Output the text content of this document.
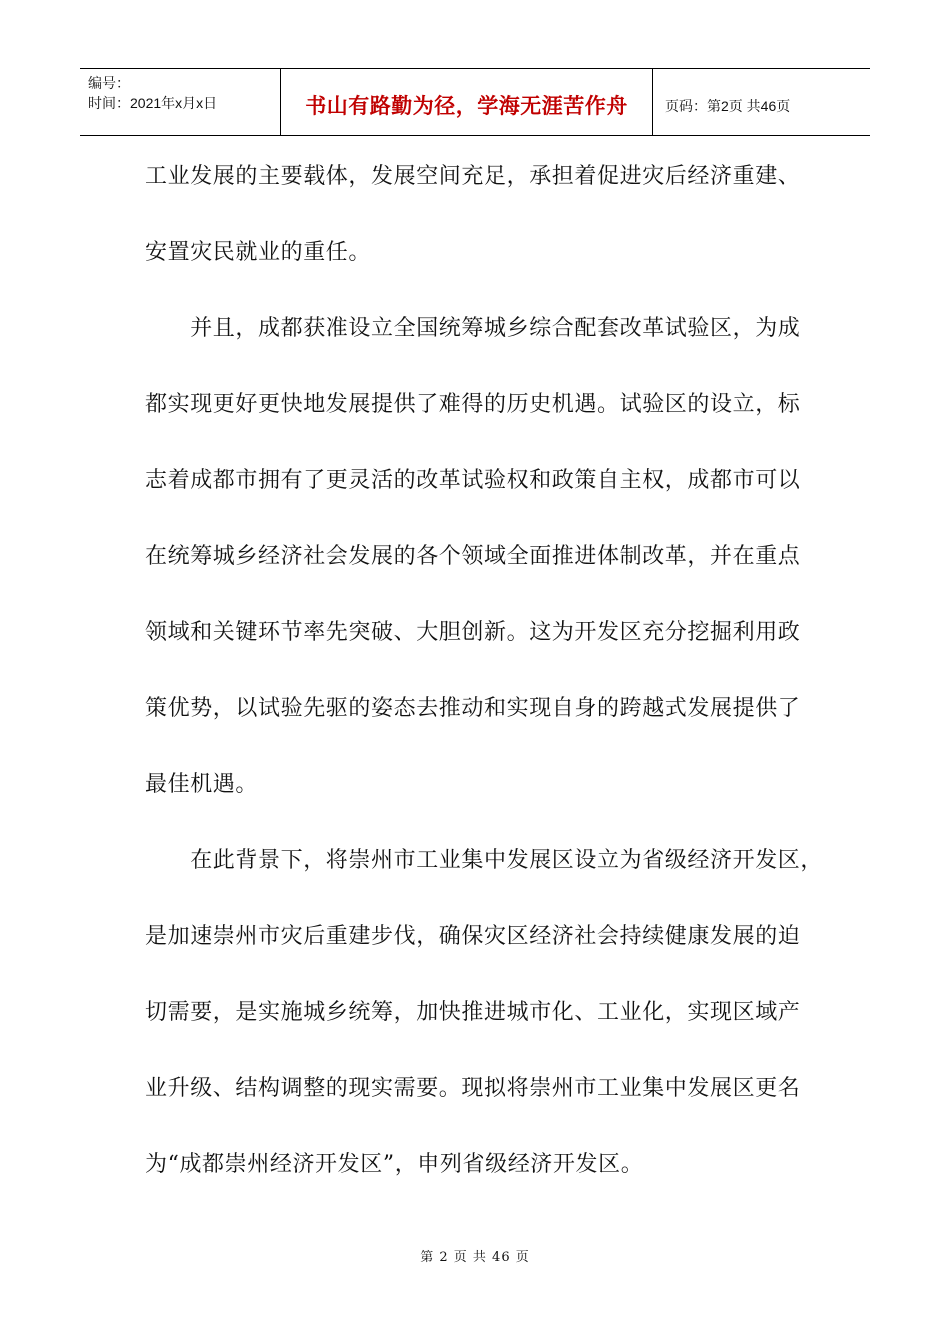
编号：
时间：2021年x月x日	书山有路勤为径，学海无涯苦作舟	页码：第2页 共46页
工业发展的主要载体，发展空间充足，承担着促进灾后经济重建、
安置灾民就业的重任。
　　并且，成都获准设立全国统筹城乡综合配套改革试验区，为成
都实现更好更快地发展提供了难得的历史机遇。试验区的设立，标
志着成都市拥有了更灵活的改革试验权和政策自主权，成都市可以
在统筹城乡经济社会发展的各个领域全面推进体制改革，并在重点
领域和关键环节率先突破、大胆创新。这为开发区充分挖掘利用政
策优势，以试验先驱的姿态去推动和实现自身的跨越式发展提供了
最佳机遇。
　　在此背景下，将崇州市工业集中发展区设立为省级经济开发区，
是加速崇州市灾后重建步伐，确保灾区经济社会持续健康发展的迫
切需要，是实施城乡统筹，加快推进城市化、工业化，实现区域产
业升级、结构调整的现实需要。现拟将崇州市工业集中发展区更名
为“成都崇州经济开发区”，申列省级经济开发区。
第 2 页 共 46 页
